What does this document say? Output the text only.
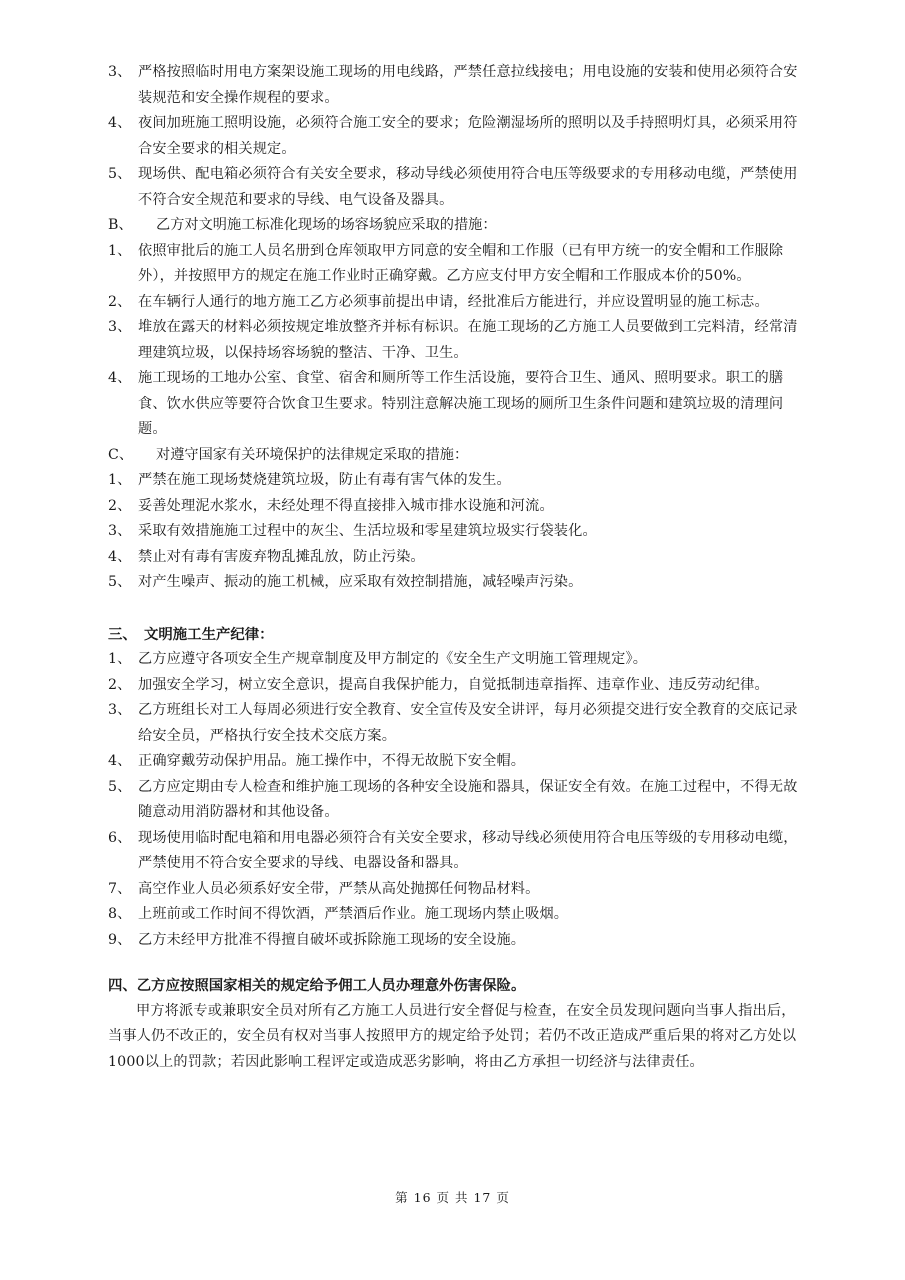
3、 严格按照临时用电方案架设施工现场的用电线路，严禁任意拉线接电；用电设施的安装和使用必须符合安装规范和安全操作规程的要求。
4、 夜间加班施工照明设施，必须符合施工安全的要求；危险潮湿场所的照明以及手持照明灯具，必须采用符合安全要求的相关规定。
5、 现场供、配电箱必须符合有关安全要求，移动导线必须使用符合电压等级要求的专用移动电缆，严禁使用不符合安全规范和要求的导线、电气设备及器具。
B、 乙方对文明施工标准化现场的场容场貌应采取的措施：
1、 依照审批后的施工人员名册到仓库领取甲方同意的安全帽和工作服（已有甲方统一的安全帽和工作服除外），并按照甲方的规定在施工作业时正确穿戴。乙方应支付甲方安全帽和工作服成本价的50%。
2、 在车辆行人通行的地方施工乙方必须事前提出申请，经批准后方能进行，并应设置明显的施工标志。
3、 堆放在露天的材料必须按规定堆放整齐并标有标识。在施工现场的乙方施工人员要做到工完料清，经常清理建筑垃圾，以保持场容场貌的整洁、干净、卫生。
4、 施工现场的工地办公室、食堂、宿舍和厕所等工作生活设施，要符合卫生、通风、照明要求。职工的膳食、饮水供应等要符合饮食卫生要求。特别注意解决施工现场的厕所卫生条件问题和建筑垃圾的清理问题。
C、 对遵守国家有关环境保护的法律规定采取的措施：
1、 严禁在施工现场焚烧建筑垃圾，防止有毒有害气体的发生。
2、 妥善处理泥水浆水，未经处理不得直接排入城市排水设施和河流。
3、 采取有效措施施工过程中的灰尘、生活垃圾和零星建筑垃圾实行袋装化。
4、 禁止对有毒有害废弃物乱摊乱放，防止污染。
5、 对产生噪声、振动的施工机械，应采取有效控制措施，减轻噪声污染。
三、 文明施工生产纪律：
1、 乙方应遵守各项安全生产规章制度及甲方制定的《安全生产文明施工管理规定》。
2、 加强安全学习，树立安全意识，提高自我保护能力，自觉抵制违章指挥、违章作业、违反劳动纪律。
3、 乙方班组长对工人每周必须进行安全教育、安全宣传及安全讲评，每月必须提交进行安全教育的交底记录给安全员，严格执行安全技术交底方案。
4、 正确穿戴劳动保护用品。施工操作中，不得无故脱下安全帽。
5、 乙方应定期由专人检查和维护施工现场的各种安全设施和器具，保证安全有效。在施工过程中，不得无故随意动用消防器材和其他设备。
6、 现场使用临时配电箱和用电器必须符合有关安全要求，移动导线必须使用符合电压等级的专用移动电缆，严禁使用不符合安全要求的导线、电器设备和器具。
7、 高空作业人员必须系好安全带，严禁从高处抛掷任何物品材料。
8、 上班前或工作时间不得饮酒，严禁酒后作业。施工现场内禁止吸烟。
9、 乙方未经甲方批准不得擅自破坏或拆除施工现场的安全设施。
四、乙方应按照国家相关的规定给予佣工人员办理意外伤害保险。
甲方将派专或兼职安全员对所有乙方施工人员进行安全督促与检查，在安全员发现问题向当事人指出后，当事人仍不改正的，安全员有权对当事人按照甲方的规定给予处罚；若仍不改正造成严重后果的将对乙方处以1000以上的罚款；若因此影响工程评定或造成恶劣影响，将由乙方承担一切经济与法律责任。
第 16 页 共 17 页
